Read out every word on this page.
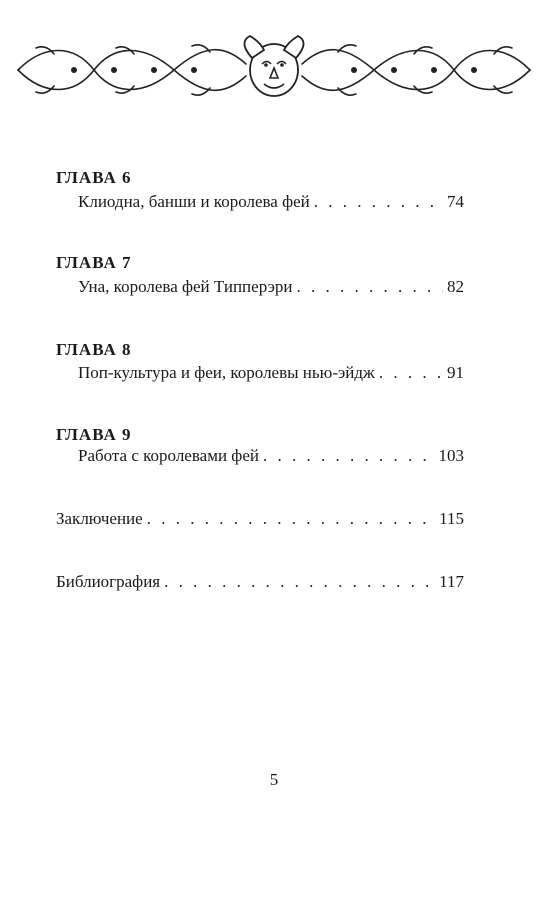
ГЛАВА 6
Клиодна, банши и королева фей . . .	74
ГЛАВА 7
Уна, королева фей Типперэри . . .	82
ГЛАВА 8
Поп-культура и феи, королевы нью-эйдж . . .	91
ГЛАВА 9
Работа с королевами фей . . .	103
Заключение . . .	115
Библиография . . .	117
5
